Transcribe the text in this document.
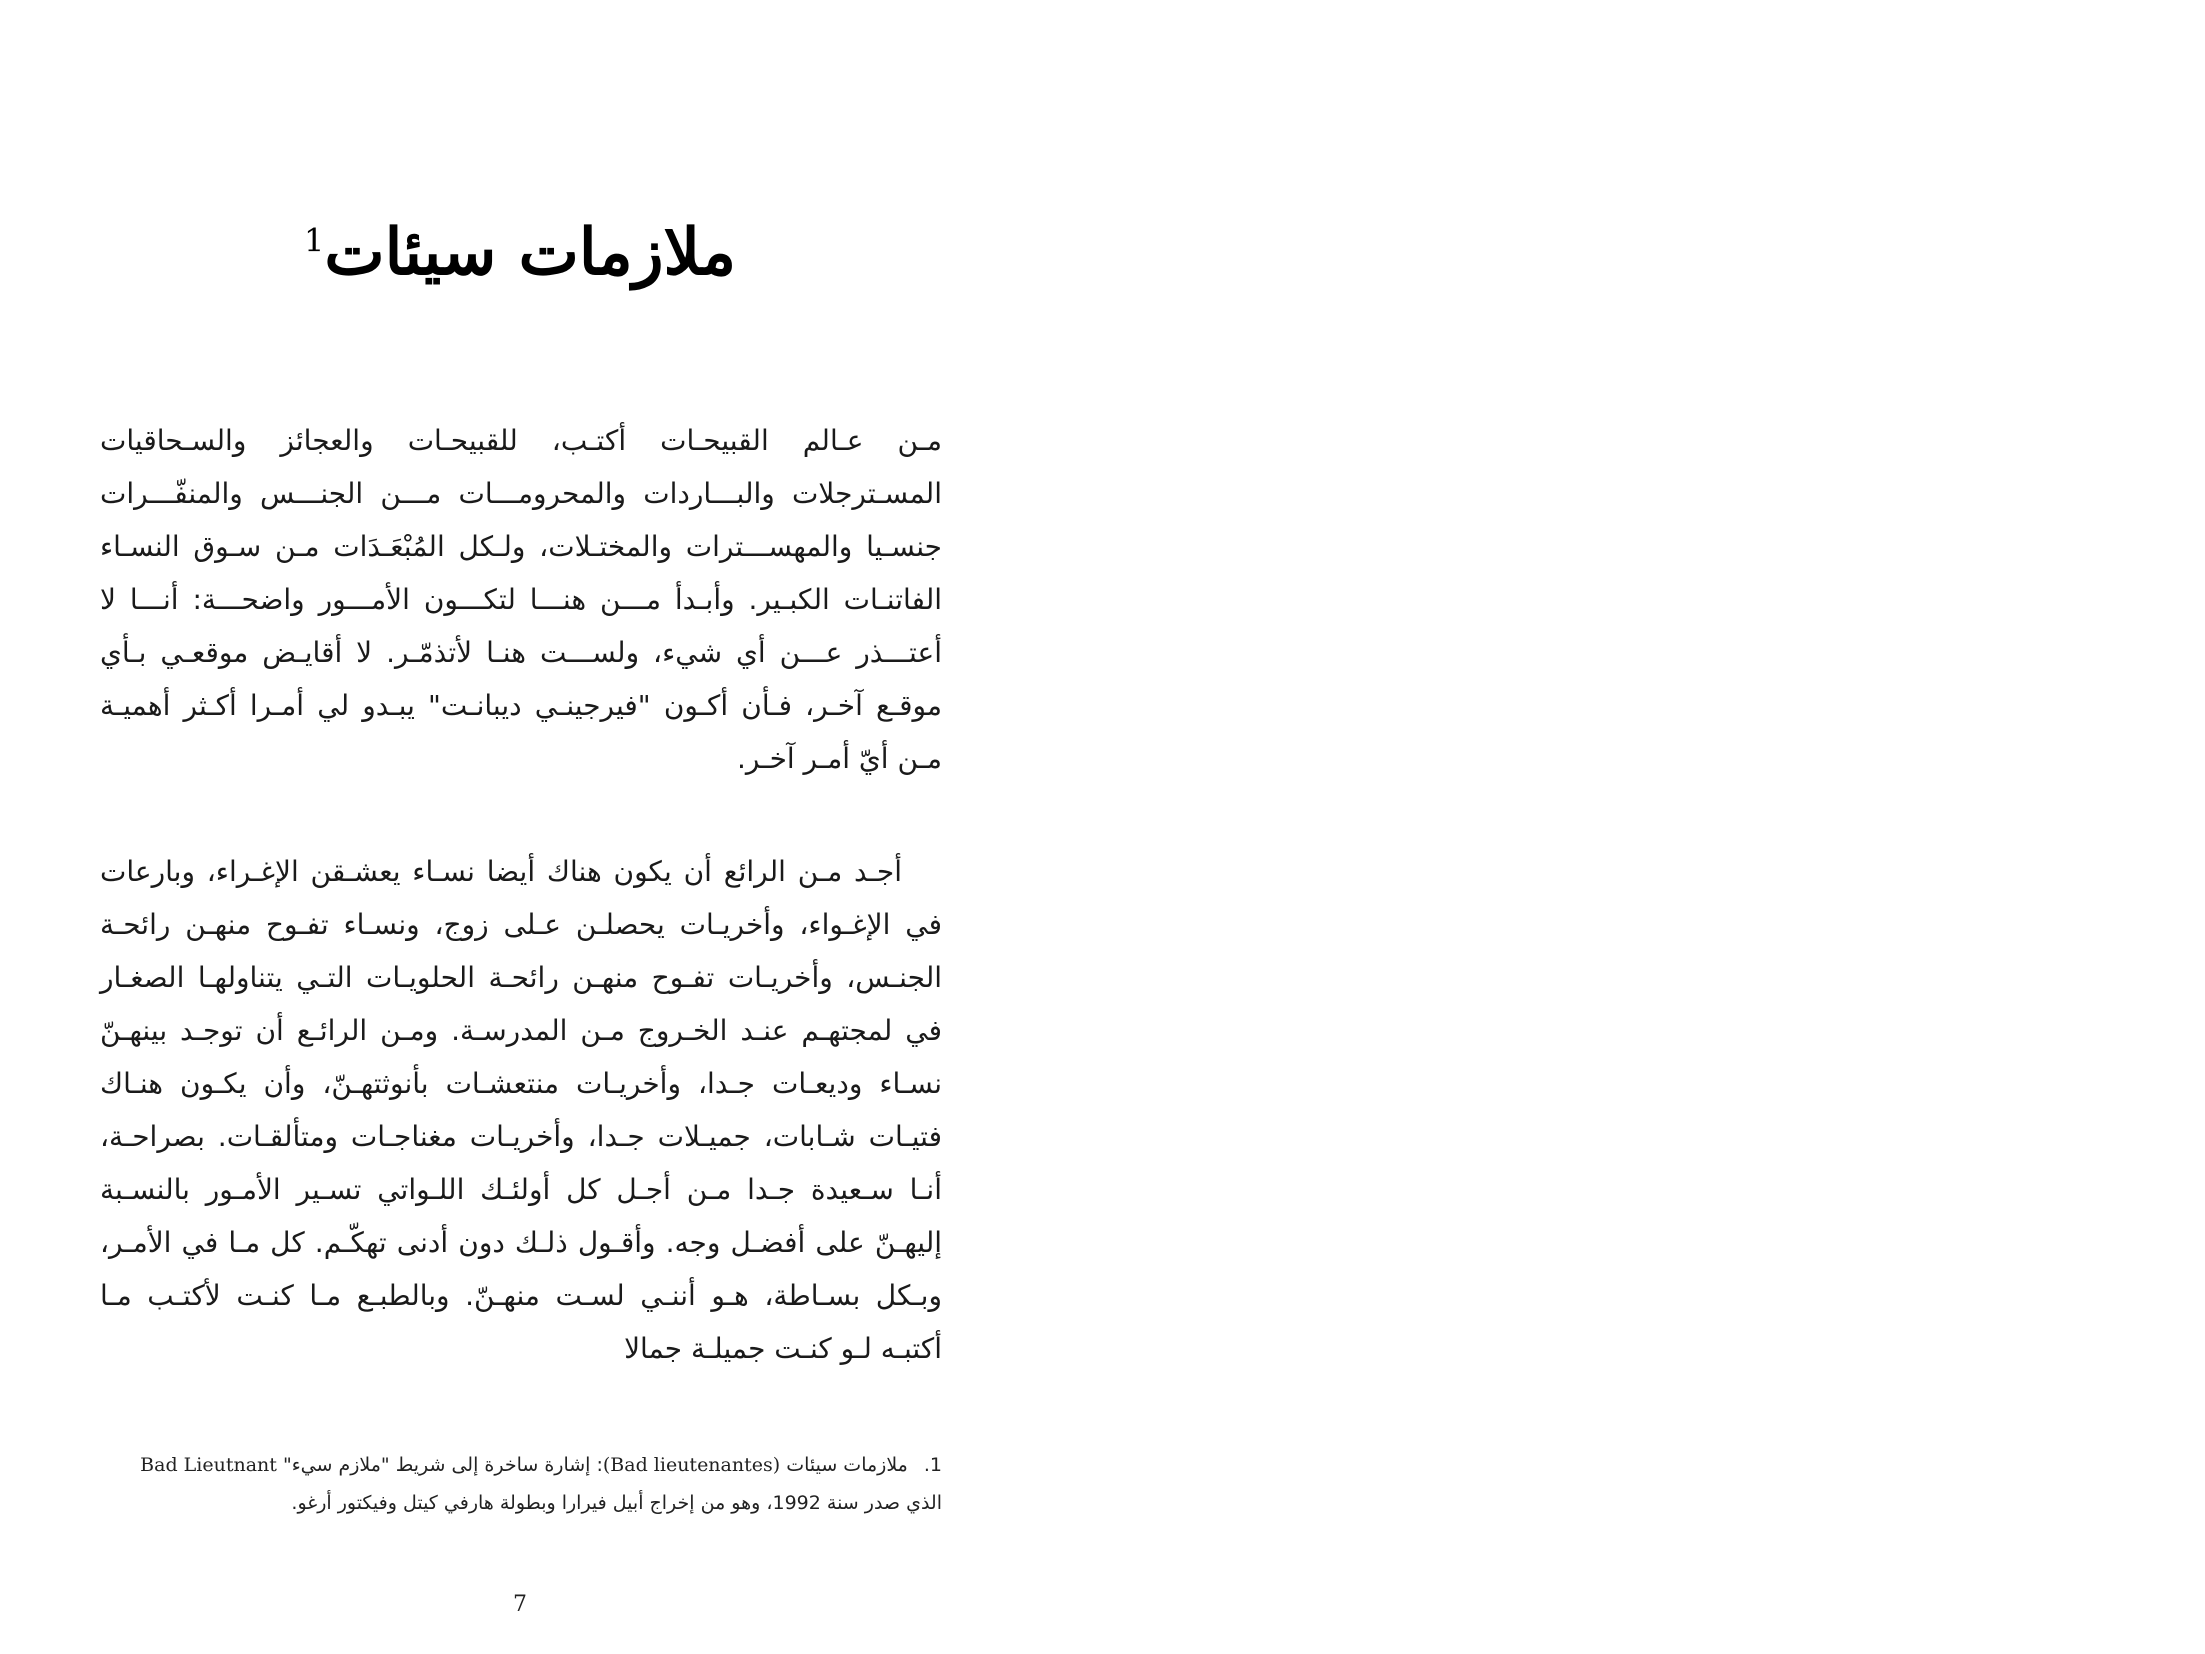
ملازمات سيئات$^1$

مـن عـالم القبيحـات أكتـب، للقبيحـات والعجائز والسـحاقيات المسـترجلات والبـــاردات والمحرومـــات مـــن الجنـــس والمنفّـــرات جنسـيا والمهســـترات والمختـلات، ولـكل المُبْعَـدَات مـن سـوق النسـاء الفاتنـات الكبـير. وأبـدأ مـــن هنـــا لتكـــون الأمـــور واضحـــة: أنـــا لا أعتـــذر عـــن أي شيء، ولســـت هنـا لأتذمّـر. لا أقايـض موقعـي بـأي موقـع آخـر، فـأن أكـون "فيرجينـي ديبانـت" يبـدو لي أمـرا أكـثر أهميـة مـن أيّ أمـر آخـر.

أجـد مـن الرائع أن يكون هناك أيضا نسـاء يعشـقن الإغـراء، وبارعات في الإغـواء، وأخريـات يحصلـن عـلى زوج، ونسـاء تفـوح منهـن رائحـة الجنـس، وأخريـات تفـوح منهـن رائحـة الحلويـات التـي يتناولهـا الصغـار في لمجتهـم عنـد الخـروج مـن المدرسـة. ومـن الرائـع أن توجـد بينهـنّ نسـاء وديعـات جـدا، وأخريـات منتعشـات بأنوثتهـنّ، وأن يكـون هنـاك فتيـات شـابات، جميـلات جـدا، وأخريـات مغناجـات ومتألقـات. بصراحـة، أنـا سـعيدة جـدا مـن أجـل كل أولئـك اللـواتي تسـير الأمـور بالنسـبة إليهـنّ على أفضـل وجه. وأقـول ذلـك دون أدنى تهكّـم. كل مـا في الأمـر، وبـكل بسـاطة، هـو أننـي لسـت منهـنّ. وبالطبـع مـا كنـت لأكتـب مـا أكتبـه لـو كنـت جميلـة جمالا

1.ملازمات سيئات (Bad lieutenantes): إشارة ساخرة إلى شريط "ملازم سيء" Bad Lieutnant الذي صدر سنة 1992، وهو من إخراج أبيل فيرارا وبطولة هارفي كيتل وفيكتور أرغو.
7
